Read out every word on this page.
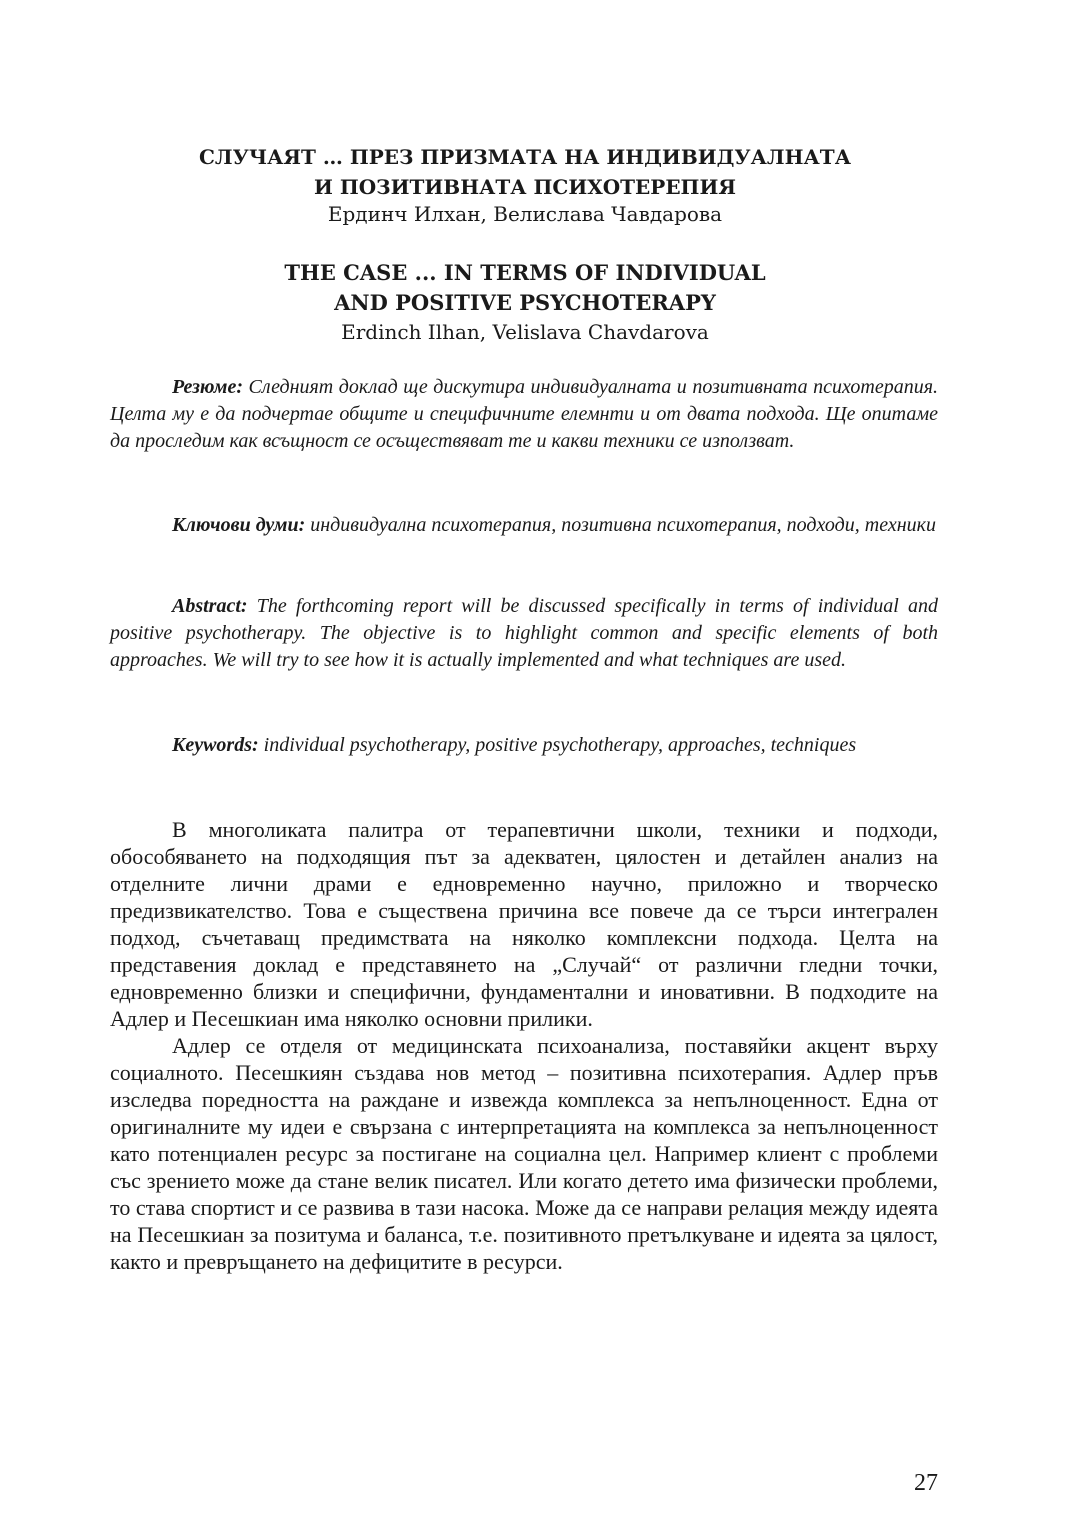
СЛУЧАЯТ … ПРЕЗ ПРИЗМАТА НА ИНДИВИДУАЛНАТА
И ПОЗИТИВНАТА ПСИХОТЕРЕПИЯ
Ердинч Илхан, Велислава Чавдарова
THE CASE ... IN TERMS OF INDIVIDUAL
AND POSITIVE PSYCHOTERAPY
Erdinch Ilhan, Velislava Chavdarova

Резюме: Следният доклад ще дискутира индивидуалната и позитивната психотерапия. Целта му е да подчертае общите и специфичните елемнти и от двата подхода. Ще опитаме да проследим как всъщност се осъществяват те и какви техники се използват.

Ключови думи: индивидуална психотерапия, позитивна психотерапия, подходи, техники

Abstract: The forthcoming report will be discussed specifically in terms of individual and positive psychotherapy. The objective is to highlight common and specific elements of both approaches. We will try to see how it is actually implemented and what techniques are used.

Keywords: individual psychotherapy, positive psychotherapy, approaches, techniques

В многоликата палитра от терапевтични школи, техники и подходи, обособяването на подходящия път за адекватен, цялостен и детайлен анализ на отделните лични драми е едновременно научно, приложно и творческо предизвикателство. Това е съществена причина все повече да се търси интегрален подход, съчетаващ предимствата на няколко комплексни подхода. Целта на представения доклад е представянето на „Случай“ от различни гледни точки, едновременно близки и специфични, фундаментални и иновативни. В подходите на Адлер и Песешкиан има няколко основни прилики.

Адлер се отделя от медицинската психоанализа, поставяйки акцент върху социалното. Песешкиян създава нов метод – позитивна психотерапия. Адлер пръв изследва поредността на раждане и извежда комплекса за непълноценност. Една от оригиналните му идеи е свързана с интерпретацията на комплекса за непълноценност като потенциален ресурс за постигане на социална цел. Например клиент с проблеми със зрението може да стане велик писател. Или когато детето има физически проблеми, то става спортист и се развива в тази насока. Може да се направи релация между идеята на Песешкиан за позитума и баланса, т.е. позитивното претълкуване и идеята за цялост, както и превръщането на дефицитите в ресурси.

27
